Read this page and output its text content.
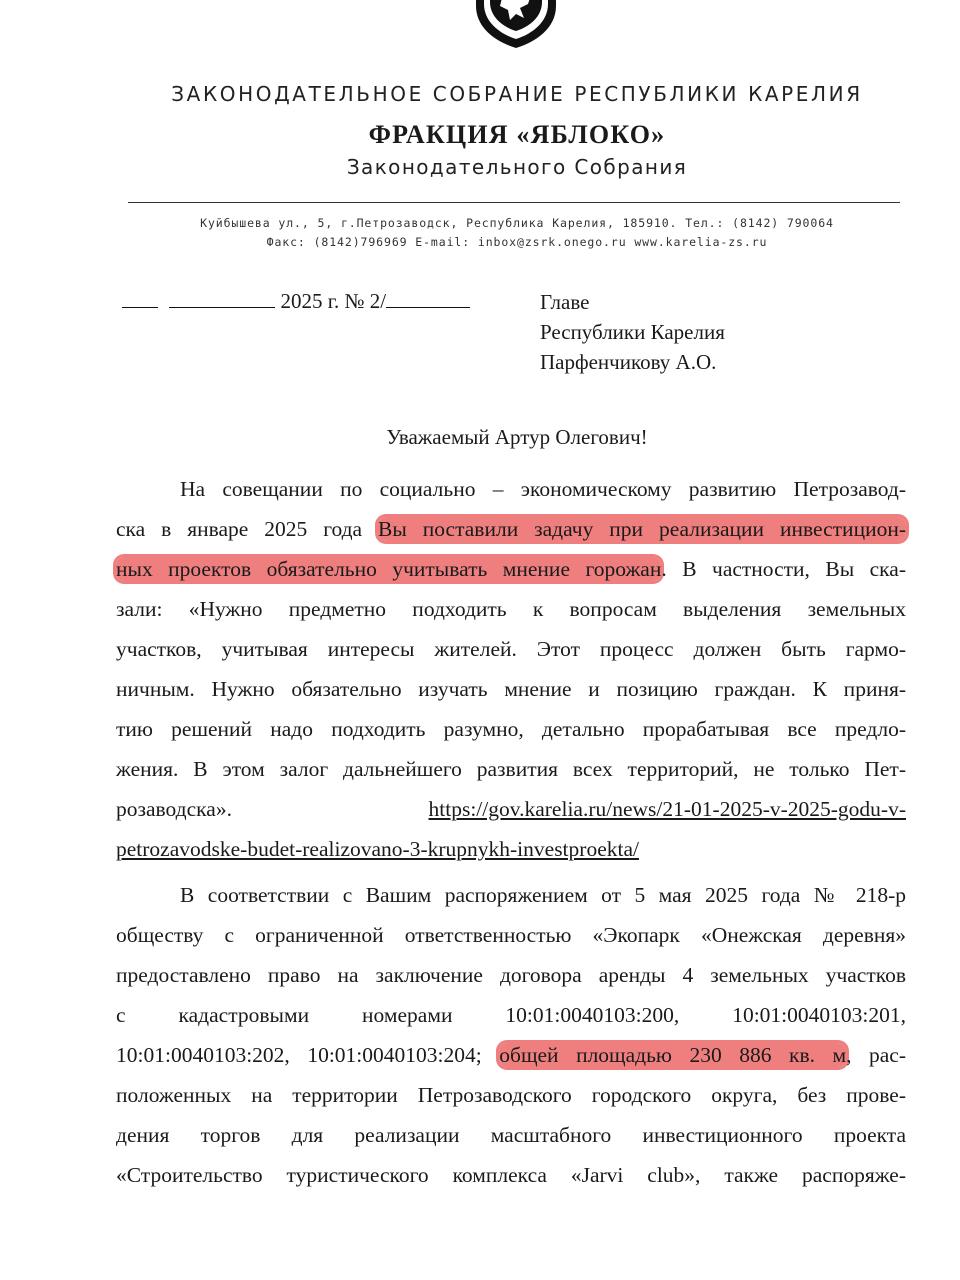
ЗАКОНОДАТЕЛЬНОЕ СОБРАНИЕ РЕСПУБЛИКИ КАРЕЛИЯ
ФРАКЦИЯ «ЯБЛОКО»
Законодательного Собрания
Куйбышева ул., 5, г.Петрозаводск, Республика Карелия, 185910. Тел.: (8142) 790064
Факс: (8142)796969 E-mail: inbox@zsrk.onego.ru www.karelia-zs.ru
2025 г. № 2/	Главе
Республики Карелия
Парфенчикову А.О.
Уважаемый Артур Олегович!
На совещании по социально – экономическому развитию Петрозавод-
ска в январе 2025 года Вы поставили задачу при реализации инвестицион-
ных проектов обязательно учитывать мнение горожан. В частности, Вы ска-
зали: «Нужно предметно подходить к вопросам выделения земельных
участков, учитывая интересы жителей. Этот процесс должен быть гармо-
ничным. Нужно обязательно изучать мнение и позицию граждан. К приня-
тию решений надо подходить разумно, детально прорабатывая все предло-
жения. В этом залог дальнейшего развития всех территорий, не только Пет-
розаводска».	https://gov.karelia.ru/news/21-01-2025-v-2025-godu-v-
petrozavodske-budet-realizovano-3-krupnykh-investproekta/
В соответствии с Вашим распоряжением от 5 мая 2025 года № 218-р
обществу с ограниченной ответственностью «Экопарк «Онежская деревня»
предоставлено право на заключение договора аренды 4 земельных участков
с кадастровыми номерами 10:01:0040103:200, 10:01:0040103:201,
10:01:0040103:202, 10:01:0040103:204; общей площадью 230 886 кв. м, рас-
положенных на территории Петрозаводского городского округа, без прове-
дения торгов для реализации масштабного инвестиционного проекта
«Строительство туристического комплекса «Jarvi club», также распоряже-
